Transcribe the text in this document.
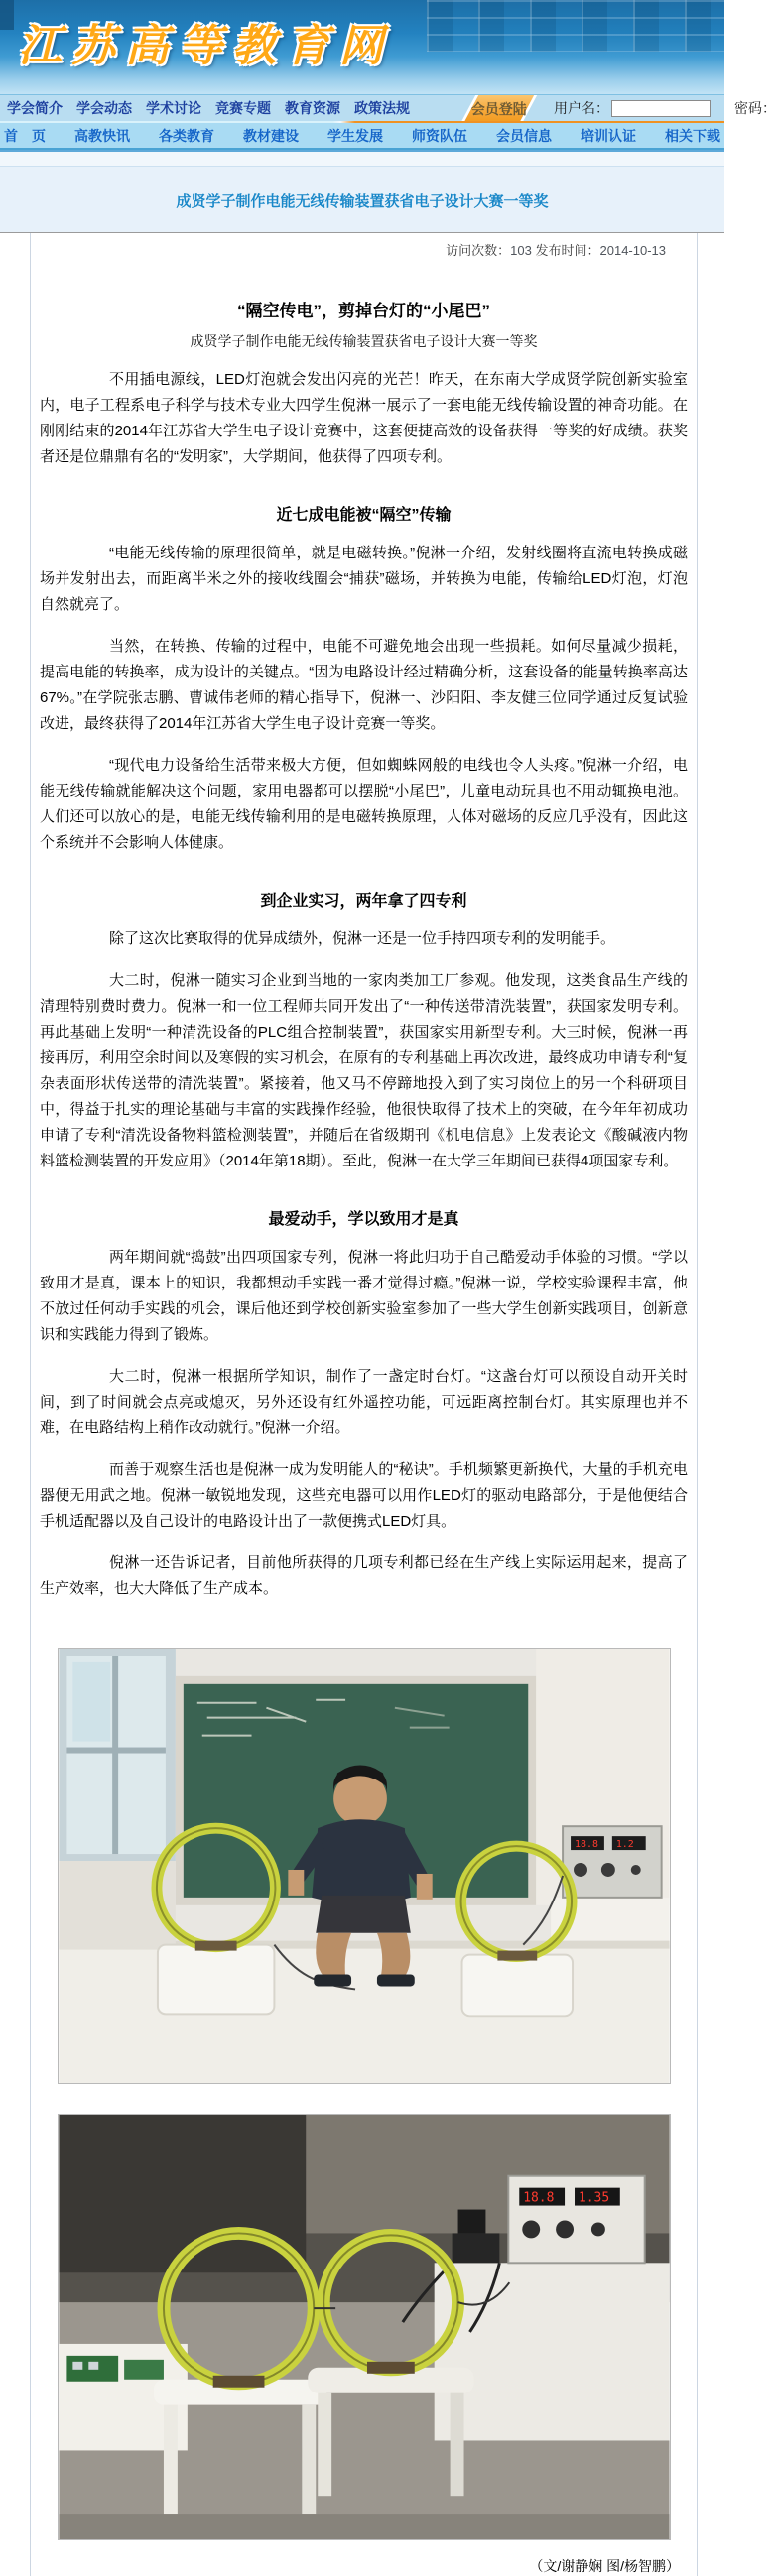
江苏高等教育网
学会简介 学会动态 学术讨论 竞赛专题 教育资源 政策法规	会员登陆 用户名：	密码：
首　页 高教快讯 各类教育 教材建设 学生发展 师资队伍 会员信息 培训认证 相关下载
成贤学子制作电能无线传输装置获省电子设计大赛一等奖
访问次数：103 发布时间：2014-10-13
“隔空传电”，剪掉台灯的“小尾巴”
成贤学子制作电能无线传输装置获省电子设计大赛一等奖

不用插电源线，LED灯泡就会发出闪亮的光芒！昨天，在东南大学成贤学院创新实验室内，电子工程系电子科学与技术专业大四学生倪淋一展示了一套电能无线传输设置的神奇功能。在刚刚结束的2014年江苏省大学生电子设计竞赛中，这套便捷高效的设备获得一等奖的好成绩。获奖者还是位鼎鼎有名的“发明家”，大学期间，他获得了四项专利。

近七成电能被“隔空”传输

“电能无线传输的原理很简单，就是电磁转换。”倪淋一介绍，发射线圈将直流电转换成磁场并发射出去，而距离半米之外的接收线圈会“捕获”磁场，并转换为电能，传输给LED灯泡，灯泡自然就亮了。

当然，在转换、传输的过程中，电能不可避免地会出现一些损耗。如何尽量减少损耗，提高电能的转换率，成为设计的关键点。“因为电路设计经过精确分析，这套设备的能量转换率高达67%。”在学院张志鹏、曹诚伟老师的精心指导下，倪淋一、沙阳阳、李友健三位同学通过反复试验改进，最终获得了2014年江苏省大学生电子设计竞赛一等奖。

“现代电力设备给生活带来极大方便，但如蜘蛛网般的电线也令人头疼。”倪淋一介绍，电能无线传输就能解决这个问题，家用电器都可以摆脱“小尾巴”，儿童电动玩具也不用动辄换电池。人们还可以放心的是，电能无线传输利用的是电磁转换原理，人体对磁场的反应几乎没有，因此这个系统并不会影响人体健康。

到企业实习，两年拿了四专利

除了这次比赛取得的优异成绩外，倪淋一还是一位手持四项专利的发明能手。

大二时，倪淋一随实习企业到当地的一家肉类加工厂参观。他发现，这类食品生产线的清理特别费时费力。倪淋一和一位工程师共同开发出了“一种传送带清洗装置”，获国家发明专利。再此基础上发明“一种清洗设备的PLC组合控制装置”，获国家实用新型专利。大三时候，倪淋一再接再厉，利用空余时间以及寒假的实习机会，在原有的专利基础上再次改进，最终成功申请专利“复杂表面形状传送带的清洗装置”。紧接着，他又马不停蹄地投入到了实习岗位上的另一个科研项目中，得益于扎实的理论基础与丰富的实践操作经验，他很快取得了技术上的突破，在今年年初成功申请了专利“清洗设备物料篮检测装置”，并随后在省级期刊《机电信息》上发表论文《酸碱液内物料篮检测装置的开发应用》（2014年第18期）。至此，倪淋一在大学三年期间已获得4项国家专利。

最爱动手，学以致用才是真

两年期间就“捣鼓”出四项国家专列，倪淋一将此归功于自己酷爱动手体验的习惯。“学以致用才是真，课本上的知识，我都想动手实践一番才觉得过瘾。”倪淋一说，学校实验课程丰富，他不放过任何动手实践的机会，课后他还到学校创新实验室参加了一些大学生创新实践项目，创新意识和实践能力得到了锻炼。

大二时，倪淋一根据所学知识，制作了一盏定时台灯。“这盏台灯可以预设自动开关时间，到了时间就会点亮或熄灭，另外还设有红外遥控功能，可远距离控制台灯。其实原理也并不难，在电路结构上稍作改动就行。”倪淋一介绍。

而善于观察生活也是倪淋一成为发明能人的“秘诀”。手机频繁更新换代，大量的手机充电器便无用武之地。倪淋一敏锐地发现，这些充电器可以用作LED灯的驱动电路部分，于是他便结合手机适配器以及自己设计的电路设计出了一款便携式LED灯具。

倪淋一还告诉记者，目前他所获得的几项专利都已经在生产线上实际运用起来，提高了生产效率，也大大降低了生产成本。

18.8 1.2
18.8 1.35
（文/谢静娴 图/杨智鹏）
